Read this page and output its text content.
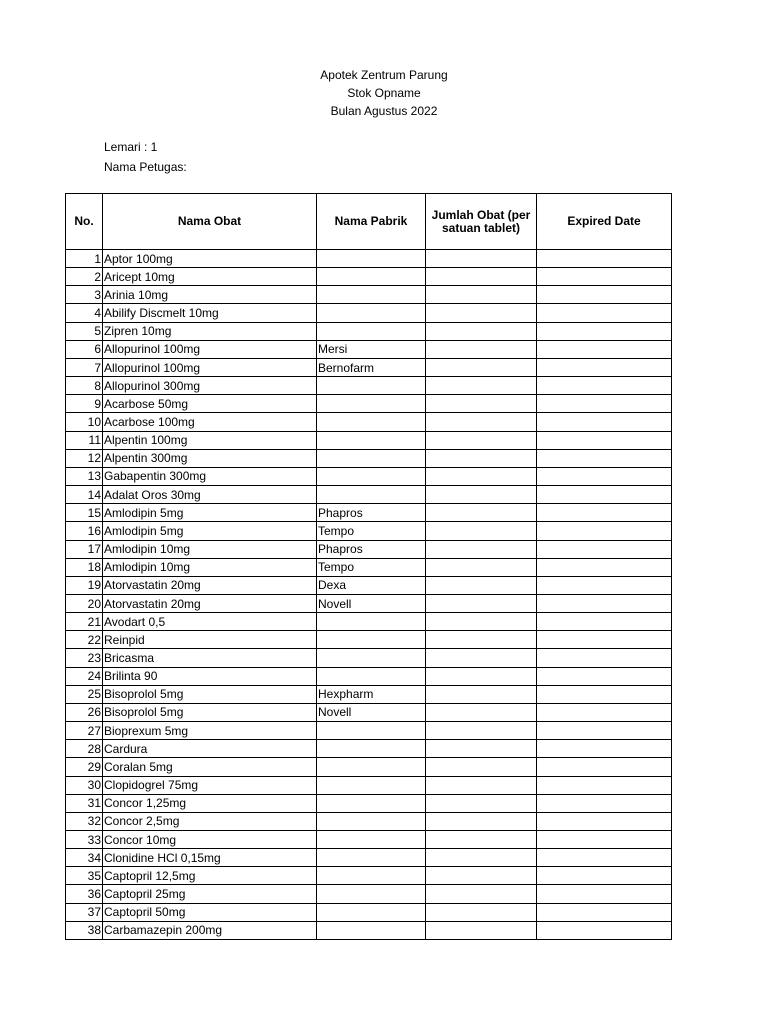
Apotek Zentrum Parung
Stok Opname
Bulan Agustus 2022
Lemari : 1
Nama Petugas:
No.	Nama Obat	Nama Pabrik	Jumlah Obat (per satuan tablet)	Expired Date
1	Aptor 100mg			
2	Aricept 10mg			
3	Arinia 10mg			
4	Abilify Discmelt 10mg			
5	Zipren 10mg			
6	Allopurinol 100mg	Mersi		
7	Allopurinol 100mg	Bernofarm		
8	Allopurinol 300mg			
9	Acarbose 50mg			
10	Acarbose 100mg			
11	Alpentin 100mg			
12	Alpentin 300mg			
13	Gabapentin 300mg			
14	Adalat Oros 30mg			
15	Amlodipin 5mg	Phapros		
16	Amlodipin 5mg	Tempo		
17	Amlodipin 10mg	Phapros		
18	Amlodipin 10mg	Tempo		
19	Atorvastatin 20mg	Dexa		
20	Atorvastatin 20mg	Novell		
21	Avodart 0,5			
22	Reinpid			
23	Bricasma			
24	Brilinta 90			
25	Bisoprolol 5mg	Hexpharm		
26	Bisoprolol 5mg	Novell		
27	Bioprexum 5mg			
28	Cardura			
29	Coralan 5mg			
30	Clopidogrel 75mg			
31	Concor 1,25mg			
32	Concor 2,5mg			
33	Concor 10mg			
34	Clonidine HCl 0,15mg			
35	Captopril 12,5mg			
36	Captopril 25mg			
37	Captopril 50mg			
38	Carbamazepin 200mg			
